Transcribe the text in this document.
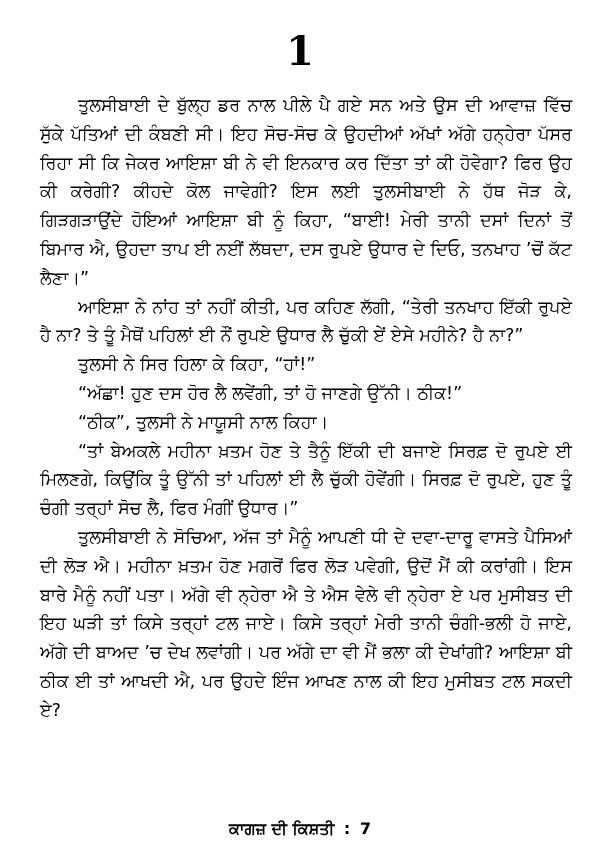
1

ਤੁਲਸੀਬਾਈ ਦੇ ਬੁੱਲ੍ਹ ਡਰ ਨਾਲ ਪੀਲੇ ਪੈ ਗਏ ਸਨ ਅਤੇ ਉਸ ਦੀ ਆਵਾਜ਼ ਵਿੱਚ ਸੁੱਕੇ ਪੱਤਿਆਂ ਦੀ ਕੰਬਣੀ ਸੀ। ਇਹ ਸੋਚ-ਸੋਚ ਕੇ ਉਹਦੀਆਂ ਅੱਖਾਂ ਅੱਗੇ ਹਨ੍ਹੇਰਾ ਪੱਸਰ ਰਿਹਾ ਸੀ ਕਿ ਜੇਕਰ ਆਇਸ਼ਾ ਬੀ ਨੇ ਵੀ ਇਨਕਾਰ ਕਰ ਦਿੱਤਾ ਤਾਂ ਕੀ ਹੋਵੇਗਾ? ਫਿਰ ਉਹ ਕੀ ਕਰੇਗੀ? ਕੀਹਦੇ ਕੋਲ ਜਾਵੇਗੀ? ਇਸ ਲਈ ਤੁਲਸੀਬਾਈ ਨੇ ਹੱਥ ਜੋੜ ਕੇ, ਗਿੜਗੜਾਉਂਦੇ ਹੋਇਆਂ ਆਇਸ਼ਾ ਬੀ ਨੂੰ ਕਿਹਾ, “ਬਾਈ! ਮੇਰੀ ਤਾਨੀ ਦਸਾਂ ਦਿਨਾਂ ਤੋਂ ਬਿਮਾਰ ਐ, ਉਹਦਾ ਤਾਪ ਈ ਨਈਂ ਲੱਥਦਾ, ਦਸ ਰੁਪਏ ਉਧਾਰ ਦੇ ਦਿਓ, ਤਨਖਾਹ ’ਚੋਂ ਕੱਟ ਲੈਣਾ।”

ਆਇਸ਼ਾ ਨੇ ਨਾਂਹ ਤਾਂ ਨਹੀਂ ਕੀਤੀ, ਪਰ ਕਹਿਣ ਲੱਗੀ, “ਤੇਰੀ ਤਨਖਾਹ ਇੱਕੀ ਰੁਪਏ ਹੈ ਨਾ? ਤੇ ਤੂੰ ਮੈਥੋਂ ਪਹਿਲਾਂ ਈ ਨੌਂ ਰੁਪਏ ਉਧਾਰ ਲੈ ਚੁੱਕੀ ਏਂ ਏਸੇ ਮਹੀਨੇ? ਹੈ ਨਾ?”

ਤੁਲਸੀ ਨੇ ਸਿਰ ਹਿਲਾ ਕੇ ਕਿਹਾ, “ਹਾਂ!”

“ਅੱਛਾ! ਹੁਣ ਦਸ ਹੋਰ ਲੈ ਲਵੇਂਗੀ, ਤਾਂ ਹੋ ਜਾਣਗੇ ਉੱਨੀ। ਠੀਕ!”

“ਠੀਕ”, ਤੁਲਸੀ ਨੇ ਮਾਯੂਸੀ ਨਾਲ ਕਿਹਾ।

“ਤਾਂ ਬੇਅਕਲੇ ਮਹੀਨਾ ਖ਼ਤਮ ਹੋਣ ਤੇ ਤੈਨੂੰ ਇੱਕੀ ਦੀ ਬਜਾਏ ਸਿਰਫ਼ ਦੋ ਰੁਪਏ ਈ ਮਿਲਣਗੇ, ਕਿਉਂਕਿ ਤੂੰ ਉੱਨੀ ਤਾਂ ਪਹਿਲਾਂ ਈ ਲੈ ਚੁੱਕੀ ਹੋਵੇਂਗੀ। ਸਿਰਫ਼ ਦੋ ਰੁਪਏ, ਹੁਣ ਤੂੰ ਚੰਗੀ ਤਰ੍ਹਾਂ ਸੋਚ ਲੈ, ਫਿਰ ਮੰਗੀਂ ਉਧਾਰ।”

ਤੁਲਸੀਬਾਈ ਨੇ ਸੋਚਿਆ, ਅੱਜ ਤਾਂ ਮੈਨੂੰ ਆਪਣੀ ਧੀ ਦੇ ਦਵਾ-ਦਾਰੂ ਵਾਸਤੇ ਪੈਸਿਆਂ ਦੀ ਲੋੜ ਐ। ਮਹੀਨਾ ਖ਼ਤਮ ਹੋਣ ਮਗਰੋਂ ਫਿਰ ਲੋੜ ਪਵੇਗੀ, ਉਦੋਂ ਮੈਂ ਕੀ ਕਰਾਂਗੀ। ਇਸ ਬਾਰੇ ਮੈਨੂੰ ਨਹੀਂ ਪਤਾ। ਅੱਗੇ ਵੀ ਨ੍ਹੇਰਾ ਐ ਤੇ ਐਸ ਵੇਲੇ ਵੀ ਨ੍ਹੇਰਾ ਏ ਪਰ ਮੁਸੀਬਤ ਦੀ ਇਹ ਘੜੀ ਤਾਂ ਕਿਸੇ ਤਰ੍ਹਾਂ ਟਲ ਜਾਏ। ਕਿਸੇ ਤਰ੍ਹਾਂ ਮੇਰੀ ਤਾਨੀ ਚੰਗੀ-ਭਲੀ ਹੋ ਜਾਏ, ਅੱਗੇ ਦੀ ਬਾਅਦ ’ਚ ਦੇਖ ਲਵਾਂਗੀ। ਪਰ ਅੱਗੇ ਦਾ ਵੀ ਮੈਂ ਭਲਾ ਕੀ ਦੇਖਾਂਗੀ? ਆਇਸ਼ਾ ਬੀ ਠੀਕ ਈ ਤਾਂ ਆਖਦੀ ਐ, ਪਰ ਉਹਦੇ ਇੰਜ ਆਖਣ ਨਾਲ ਕੀ ਇਹ ਮੁਸੀਬਤ ਟਲ ਸਕਦੀ ਏ?

ਕਾਗਜ਼ ਦੀ ਕਿਸ਼ਤੀ : 7
